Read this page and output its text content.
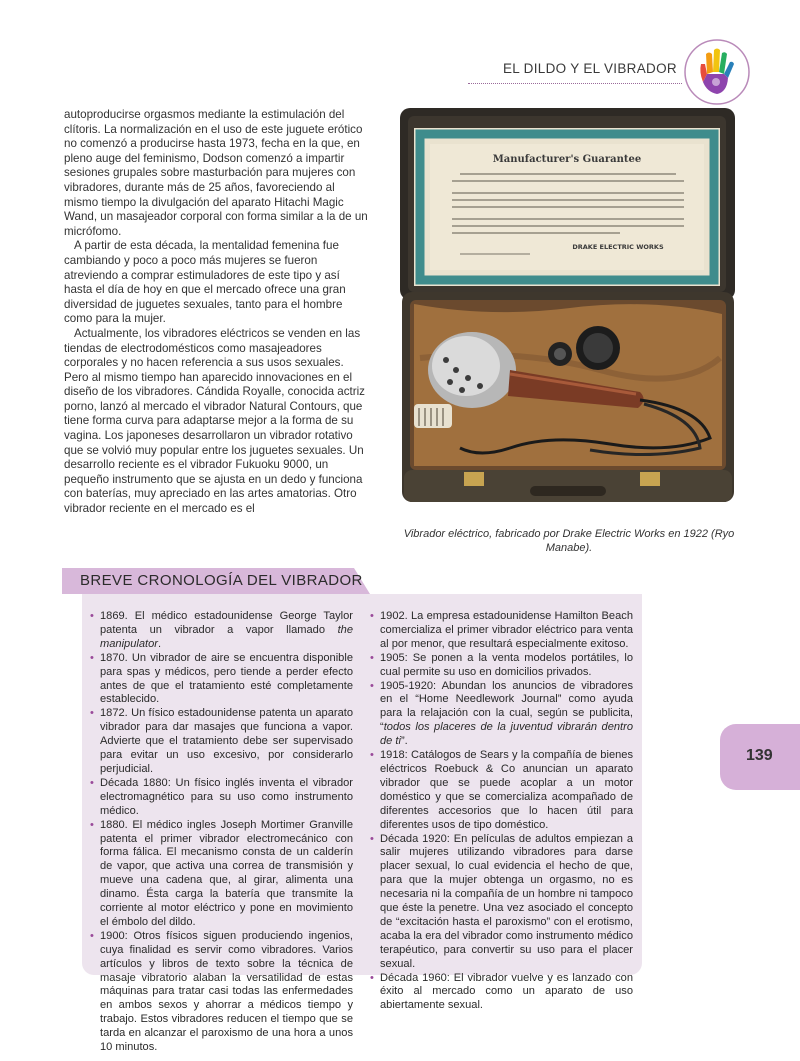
EL DILDO Y EL VIBRADOR

autoproducirse orgasmos mediante la estimulación del clítoris. La normalización en el uso de este juguete erótico no comenzó a producirse hasta 1973, fecha en la que, en pleno auge del feminismo, Dodson comenzó a impartir sesiones grupales sobre masturbación para mujeres con vibradores, durante más de 25 años, favoreciendo al mismo tiempo la divulgación del aparato Hitachi Magic Wand, un masajeador corporal con forma similar a la de un micrófomo.

A partir de esta década, la mentalidad femenina fue cambiando y poco a poco más mujeres se fueron atreviendo a comprar estimuladores de este tipo y así hasta el día de hoy en que el mercado ofrece una gran diversidad de juguetes sexuales, tanto para el hombre como para la mujer.

Actualmente, los vibradores eléctricos se venden en las tiendas de electrodomésticos como masajeadores corporales y no hacen referencia a sus usos sexuales. Pero al mismo tiempo han aparecido innovaciones en el diseño de los vibradores. Cándida Royalle, conocida actriz porno, lanzó al mercado el vibrador Natural Contours, que tiene forma curva para adaptarse mejor a la forma de su vagina. Los japoneses desarrollaron un vibrador rotativo que se volvió muy popular entre los juguetes sexuales. Un desarrollo reciente es el vibrador Fukuoku 9000, un pequeño instrumento que se ajusta en un dedo y funciona con baterías, muy apreciado en las artes amatorias. Otro vibrador reciente en el mercado es el

Manufacturer's Guarantee
DRAKE ELECTRIC WORKS
Vibrador eléctrico, fabricado por Drake Electric Works en 1922 (Ryo Manabe).
BREVE CRONOLOGÍA DEL VIBRADOR
• 1869. El médico estadounidense George Taylor patenta un vibrador a vapor llamado the manipulator.
• 1870. Un vibrador de aire se encuentra disponible para spas y médicos, pero tiende a perder efecto antes de que el tratamiento esté completamente establecido.
• 1872. Un físico estadounidense patenta un aparato vibrador para dar masajes que funciona a vapor. Advierte que el tratamiento debe ser supervisado para evitar un uso excesivo, por considerarlo perjudicial.
• Década 1880: Un físico inglés inventa el vibrador electromagnético para su uso como instrumento médico.
• 1880. El médico ingles Joseph Mortimer Granville patenta el primer vibrador electromecánico con forma fálica. El mecanismo consta de un calderín de vapor, que activa una correa de transmisión y mueve una cadena que, al girar, alimenta una dinamo. Ésta carga la batería que transmite la corriente al motor eléctrico y pone en movimiento el émbolo del dildo.
• 1900: Otros físicos siguen produciendo ingenios, cuya finalidad es servir como vibradores. Varios artículos y libros de texto sobre la técnica de masaje vibratorio alaban la versatilidad de estas máquinas para tratar casi todas las enfermedades en ambos sexos y ahorrar a médicos tiempo y trabajo. Estos vibradores reducen el tiempo que se tarda en alcanzar el paroxismo de una hora a unos 10 minutos.
• 1902. La empresa estadounidense Hamilton Beach comercializa el primer vibrador eléctrico para venta al por menor, que resultará especialmente exitoso.
• 1905: Se ponen a la venta modelos portátiles, lo cual permite su uso en domicilios privados.
• 1905-1920: Abundan los anuncios de vibradores en el “Home Needlework Journal” como ayuda para la relajación con la cual, según se publicita, “todos los placeres de la juventud vibrarán dentro de ti”.
• 1918: Catálogos de Sears y la compañía de bienes eléctricos Roebuck & Co anuncian un aparato vibrador que se puede acoplar a un motor doméstico y que se comercializa acompañado de diferentes accesorios que lo hacen útil para diferentes usos de tipo doméstico.
• Década 1920: En películas de adultos empiezan a salir mujeres utilizando vibradores para darse placer sexual, lo cual evidencia el hecho de que, para que la mujer obtenga un orgasmo, no es necesaria ni la compañía de un hombre ni tampoco que éste la penetre. Una vez asociado el concepto de “excitación hasta el paroxismo” con el erotismo, acaba la era del vibrador como instrumento médico terapéutico, para convertir su uso para el placer sexual.
• Década 1960: El vibrador vuelve y es lanzado con éxito al mercado como un aparato de uso abiertamente sexual.
139
